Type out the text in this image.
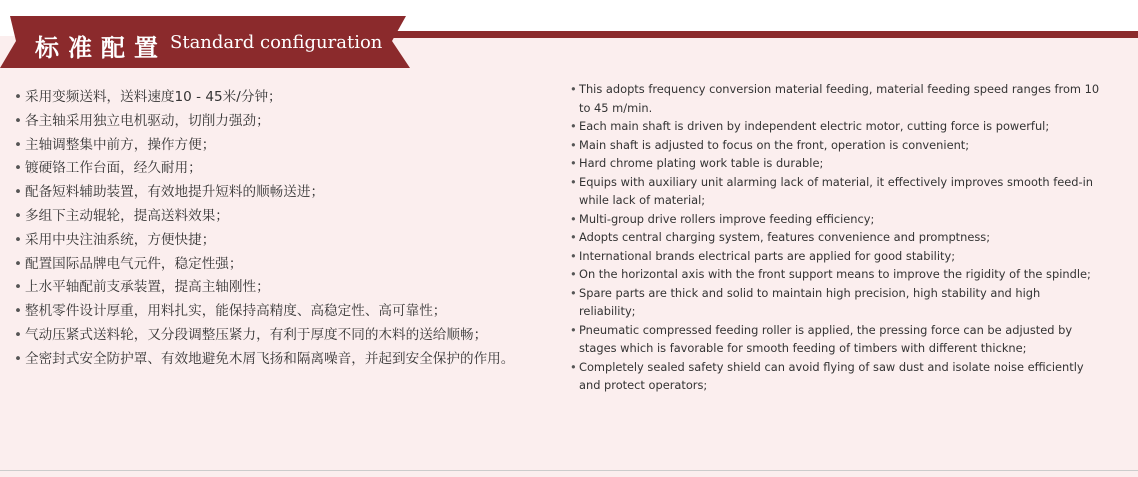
标准配置 Standard configuration
• 采用变频送料，送料速度10 - 45米/分钟；
• 各主轴采用独立电机驱动，切削力强劲；
• 主轴调整集中前方，操作方便；
• 镀硬铬工作台面，经久耐用；
• 配备短料辅助装置，有效地提升短料的顺畅送进；
• 多组下主动辊轮，提高送料效果；
• 采用中央注油系统，方便快捷；
• 配置国际品牌电气元件，稳定性强；
• 上水平轴配前支承装置，提高主轴刚性；
• 整机零件设计厚重，用料扎实，能保持高精度、高稳定性、高可靠性；
• 气动压紧式送料轮，又分段调整压紧力，有利于厚度不同的木料的送给顺畅；
• 全密封式安全防护罩、有效地避免木屑飞扬和隔离噪音，并起到安全保护的作用。
• This adopts frequency conversion material feeding, material feeding speed ranges from 10 to 45 m/min.
• Each main shaft is driven by independent electric motor, cutting force is powerful;
• Main shaft is adjusted to focus on the front, operation is convenient;
• Hard chrome plating work table is durable;
• Equips with auxiliary unit alarming lack of material, it effectively improves smooth feed-in while lack of material;
• Multi-group drive rollers improve feeding efficiency;
• Adopts central charging system, features convenience and promptness;
• International brands electrical parts are applied for good stability;
• On the horizontal axis with the front support means to improve the rigidity of the spindle;
• Spare parts are thick and solid to maintain high precision, high stability and high reliability;
• Pneumatic compressed feeding roller is applied, the pressing force can be adjusted by stages which is favorable for smooth feeding of timbers with different thickne;
• Completely sealed safety shield can avoid flying of saw dust and isolate noise efficiently and protect operators;
